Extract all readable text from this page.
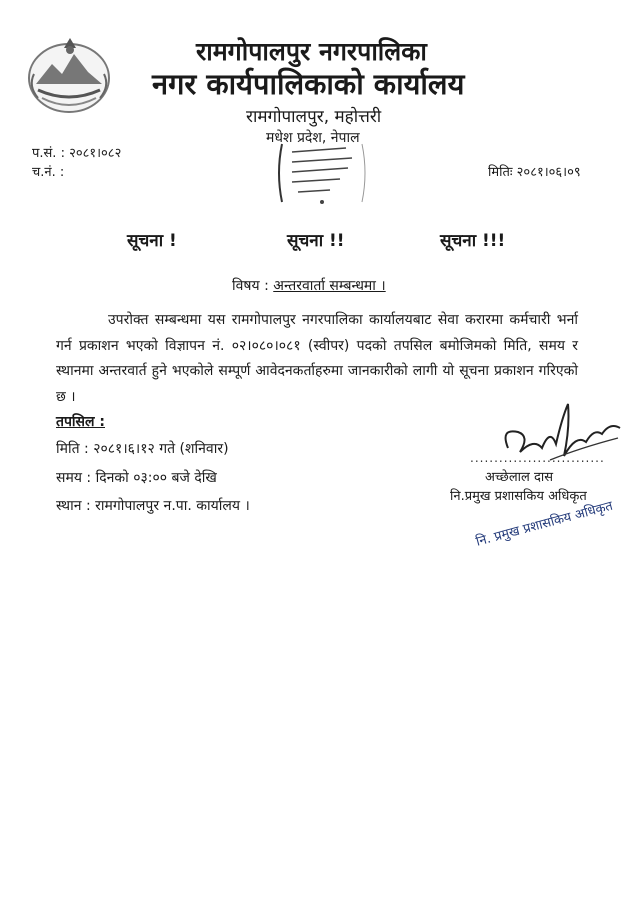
रामगोपालपुर नगरपालिका
नगर कार्यपालिकाको कार्यालय
रामगोपालपुर, महोत्तरी
मधेश प्रदेश, नेपाल
प.सं. : २०८१।०८२
च.नं. :	मितिः २०८१।०६।०९
सूचना !	सूचना !!	सूचना !!!
विषय : अन्तरवार्ता सम्बन्धमा ।
उपरोक्त सम्बन्धमा यस रामगोपालपुर नगरपालिका कार्यालयबाट सेवा करारमा कर्मचारी भर्ना गर्न प्रकाशन भएको विज्ञापन नं. ०२।०८०।०८१ (स्वीपर) पदको तपसिल बमोजिमको मिति, समय र स्थानमा अन्तरवार्त हुने भएकोले सम्पूर्ण आवेदनकर्ताहरुमा जानकारीको लागी यो सूचना प्रकाशन गरिएको छ ।
तपसिल :
मिति : २०८१।६।१२ गते (शनिवार)
समय : दिनको ०३:०० बजे देखि
स्थान : रामगोपालपुर न.पा. कार्यालय ।
............................
अच्छेलाल दास
नि.प्रमुख प्रशासकिय अधिकृत
नि. प्रमुख प्रशासकिय अधिकृत
